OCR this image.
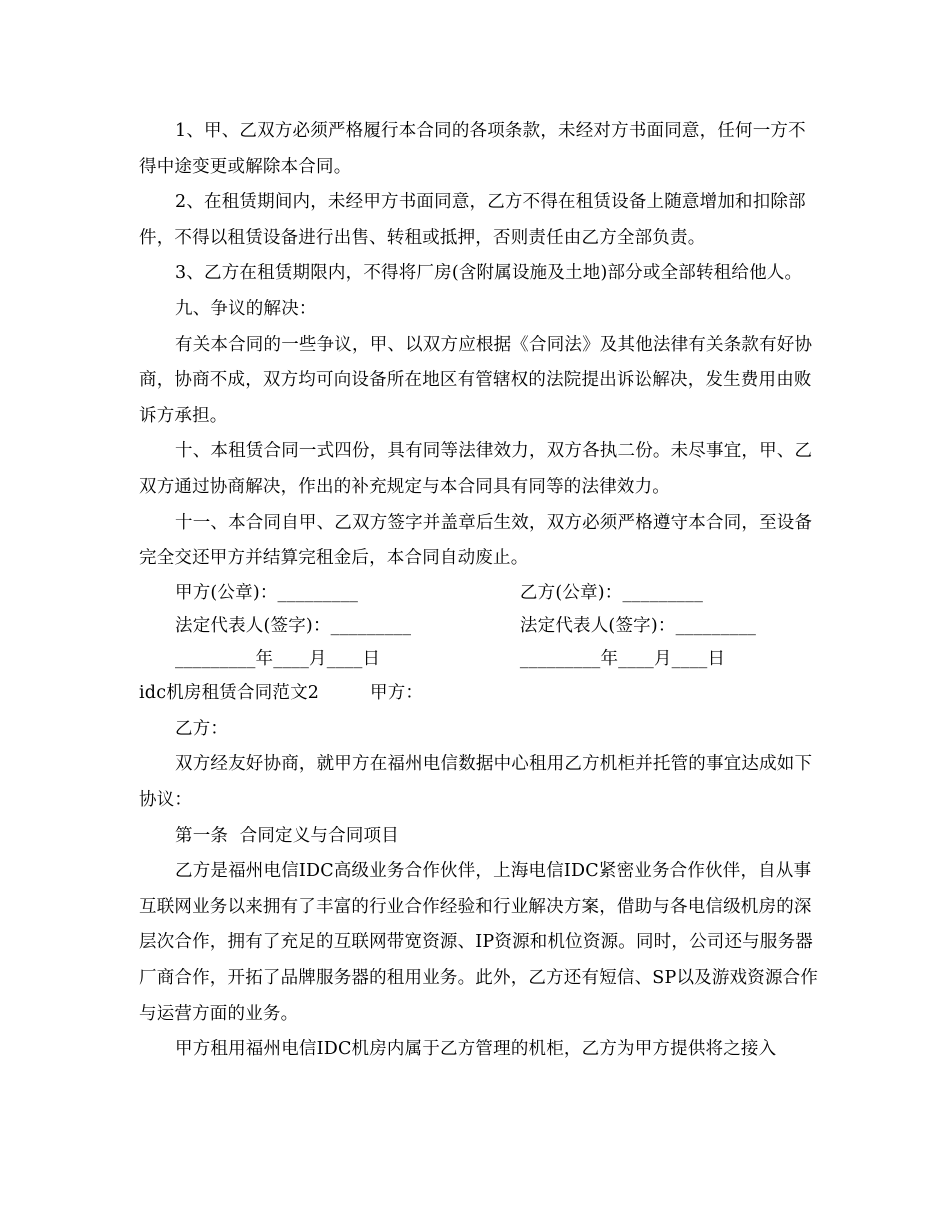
1、甲、乙双方必须严格履行本合同的各项条款，未经对方书面同意，任何一方不得中途变更或解除本合同。

2、在租赁期间内，未经甲方书面同意，乙方不得在租赁设备上随意增加和扣除部件，不得以租赁设备进行出售、转租或抵押，否则责任由乙方全部负责。

3、乙方在租赁期限内，不得将厂房(含附属设施及土地)部分或全部转租给他人。

九、争议的解决：

有关本合同的一些争议，甲、以双方应根据《合同法》及其他法律有关条款有好协商，协商不成，双方均可向设备所在地区有管辖权的法院提出诉讼解决，发生费用由败诉方承担。

十、本租赁合同一式四份，具有同等法律效力，双方各执二份。未尽事宜，甲、乙双方通过协商解决，作出的补充规定与本合同具有同等的法律效力。

十一、本合同自甲、乙双方签字并盖章后生效，双方必须严格遵守本合同，至设备完全交还甲方并结算完租金后，本合同自动废止。

甲方(公章)：_________	乙方(公章)：_________
法定代表人(签字)：_________	法定代表人(签字)：_________
_________年____月____日	_________年____月____日
idc机房租赁合同范文2	甲方：

乙方：

双方经友好协商，就甲方在福州电信数据中心租用乙方机柜并托管的事宜达成如下协议：

第一条  合同定义与合同项目

乙方是福州电信IDC高级业务合作伙伴，上海电信IDC紧密业务合作伙伴，自从事互联网业务以来拥有了丰富的行业合作经验和行业解决方案，借助与各电信级机房的深层次合作，拥有了充足的互联网带宽资源、IP资源和机位资源。同时，公司还与服务器厂商合作，开拓了品牌服务器的租用业务。此外，乙方还有短信、SP以及游戏资源合作与运营方面的业务。

甲方租用福州电信IDC机房内属于乙方管理的机柜，乙方为甲方提供将之接入
